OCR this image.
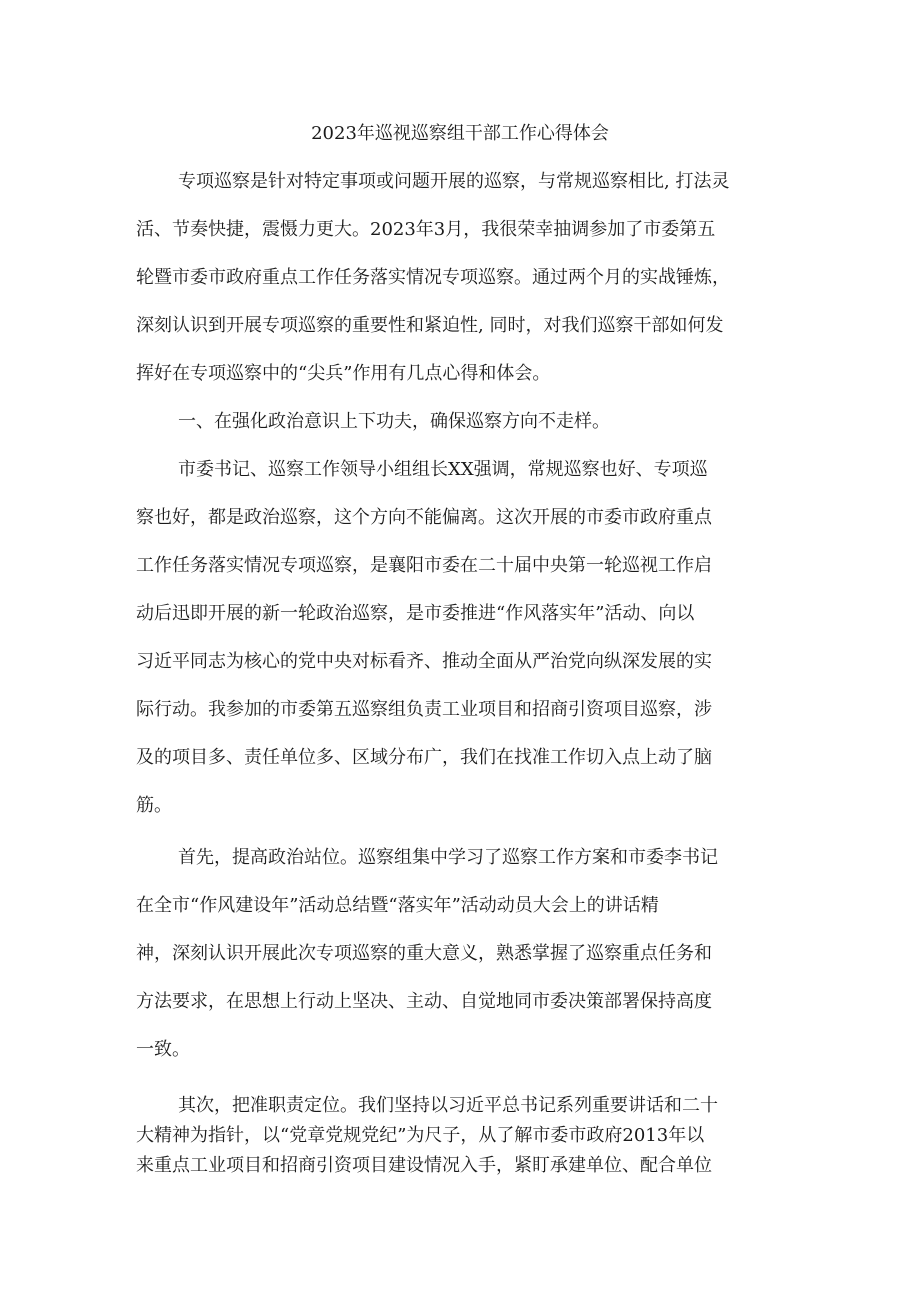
2023年巡视巡察组干部工作心得体会

专项巡察是针对特定事项或问题开展的巡察，与常规巡察相比, 打法灵

活、节奏快捷，震慑力更大。2023年3月，我很荣幸抽调参加了市委第五

轮暨市委市政府重点工作任务落实情况专项巡察。通过两个月的实战锤炼，

深刻认识到开展专项巡察的重要性和紧迫性, 同时，对我们巡察干部如何发

挥好在专项巡察中的“尖兵”作用有几点心得和体会。

一、在强化政治意识上下功夫，确保巡察方向不走样。

市委书记、巡察工作领导小组组长XX强调，常规巡察也好、专项巡

察也好，都是政治巡察，这个方向不能偏离。这次开展的市委市政府重点

工作任务落实情况专项巡察，是襄阳市委在二十届中央第一轮巡视工作启

动后迅即开展的新一轮政治巡察，是市委推进“作风落实年”活动、向以

习近平同志为核心的党中央对标看齐、推动全面从严治党向纵深发展的实

际行动。我参加的市委第五巡察组负责工业项目和招商引资项目巡察，涉

及的项目多、责任单位多、区域分布广，我们在找准工作切入点上动了脑

筋。

首先，提高政治站位。巡察组集中学习了巡察工作方案和市委李书记

在全市“作风建设年”活动总结暨“落实年”活动动员大会上的讲话精

神，深刻认识开展此次专项巡察的重大意义，熟悉掌握了巡察重点任务和

方法要求，在思想上行动上坚决、主动、自觉地同市委决策部署保持高度

一致。

其次，把准职责定位。我们坚持以习近平总书记系列重要讲话和二十

大精神为指针，以“党章党规党纪”为尺子，从了解市委市政府2013年以

来重点工业项目和招商引资项目建设情况入手，紧盯承建单位、配合单位
